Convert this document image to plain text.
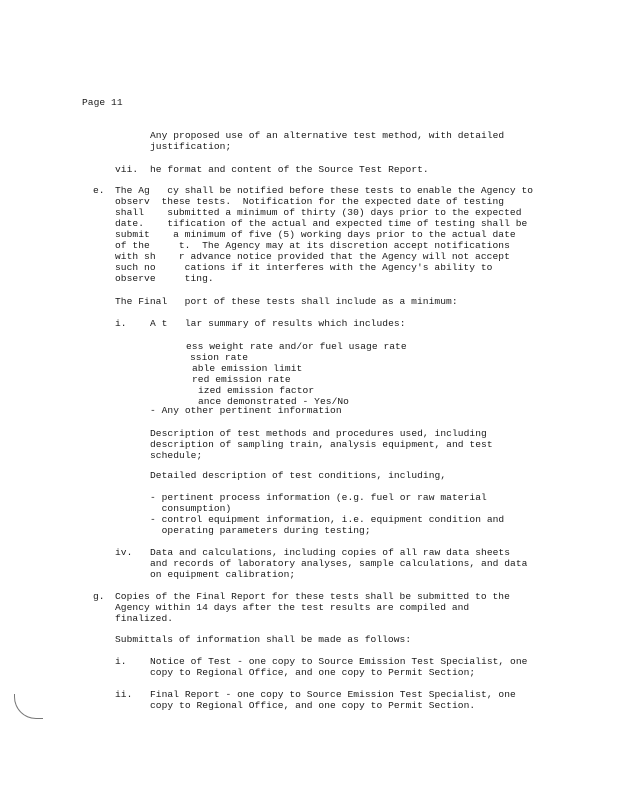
Page 11
Any proposed use of an alternative test method, with detailed
justification;
vii. he format and content of the Source Test Report.
e. The Ag   cy shall be notified before these tests to enable the Agency to
observ  these tests.  Notification for the expected date of testing
shall    submitted a minimum of thirty (30) days prior to the expected
date.    tification of the actual and expected time of testing shall be
submit    a minimum of five (5) working days prior to the actual date
of the     t.  The Agency may at its discretion accept notifications
with sh    r advance notice provided that the Agency will not accept
such no     cations if it interferes with the Agency's ability to
observe     ting.
The Final   port of these tests shall include as a minimum:
i. A t   lar summary of results which includes:
ess weight rate and/or fuel usage rate
ssion rate
able emission limit
red emission rate
ized emission factor
ance demonstrated - Yes/No
- Any other pertinent information
Description of test methods and procedures used, including
description of sampling train, analysis equipment, and test
schedule;
Detailed description of test conditions, including,
- pertinent process information (e.g. fuel or raw material
consumption)
- control equipment information, i.e. equipment condition and
operating parameters during testing;
iv. Data and calculations, including copies of all raw data sheets
and records of laboratory analyses, sample calculations, and data
on equipment calibration;
g. Copies of the Final Report for these tests shall be submitted to the
Agency within 14 days after the test results are compiled and
finalized.
Submittals of information shall be made as follows:
i. Notice of Test - one copy to Source Emission Test Specialist, one
copy to Regional Office, and one copy to Permit Section;
ii. Final Report - one copy to Source Emission Test Specialist, one
copy to Regional Office, and one copy to Permit Section.
